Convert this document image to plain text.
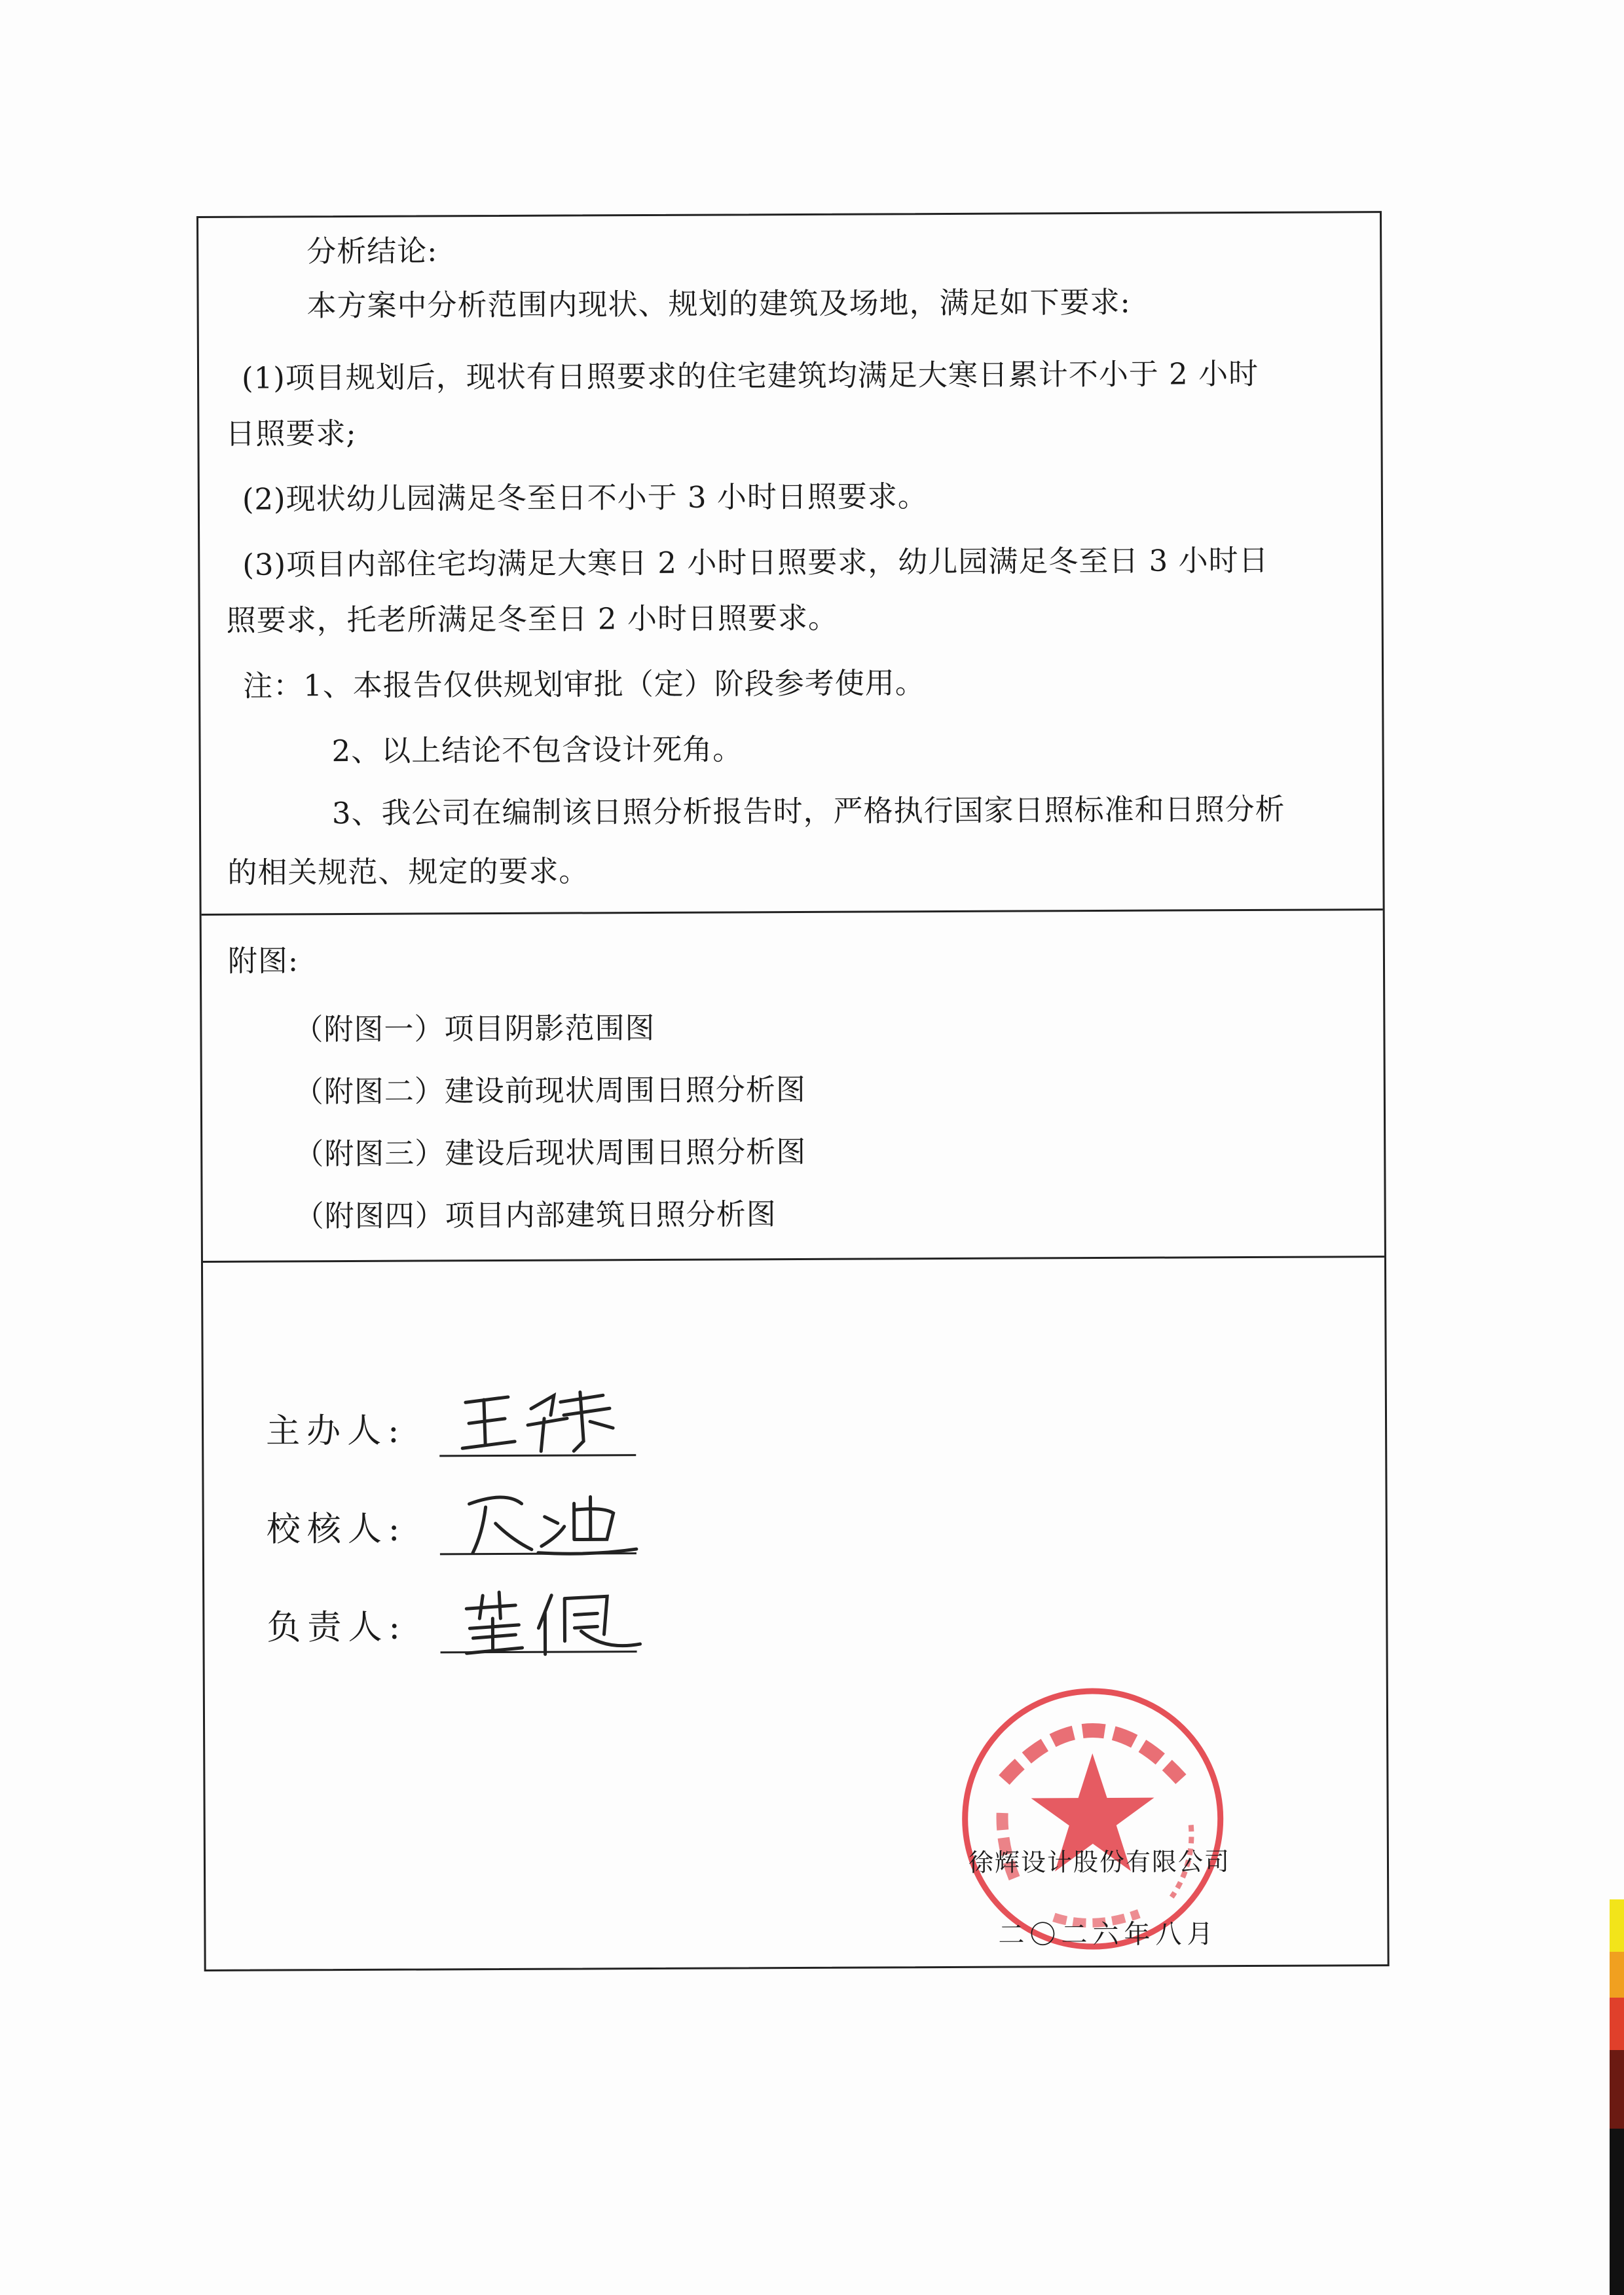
分析结论:
本方案中分析范围内现状、规划的建筑及场地，满足如下要求:
(1)项目规划后，现状有日照要求的住宅建筑均满足大寒日累计不小于 2 小时
日照要求;
(2)现状幼儿园满足冬至日不小于 3 小时日照要求。
(3)项目内部住宅均满足大寒日 2 小时日照要求，幼儿园满足冬至日 3 小时日
照要求，托老所满足冬至日 2 小时日照要求。
注：1、本报告仅供规划审批（定）阶段参考使用。
2、以上结论不包含设计死角。
3、我公司在编制该日照分析报告时，严格执行国家日照标准和日照分析
的相关规范、规定的要求。
附图:
（附图一）项目阴影范围图
（附图二）建设前现状周围日照分析图
（附图三）建设后现状周围日照分析图
（附图四）项目内部建筑日照分析图
主办人:
校核人:
负责人:
徐辉设计股份有限公司
二〇二六年八月
